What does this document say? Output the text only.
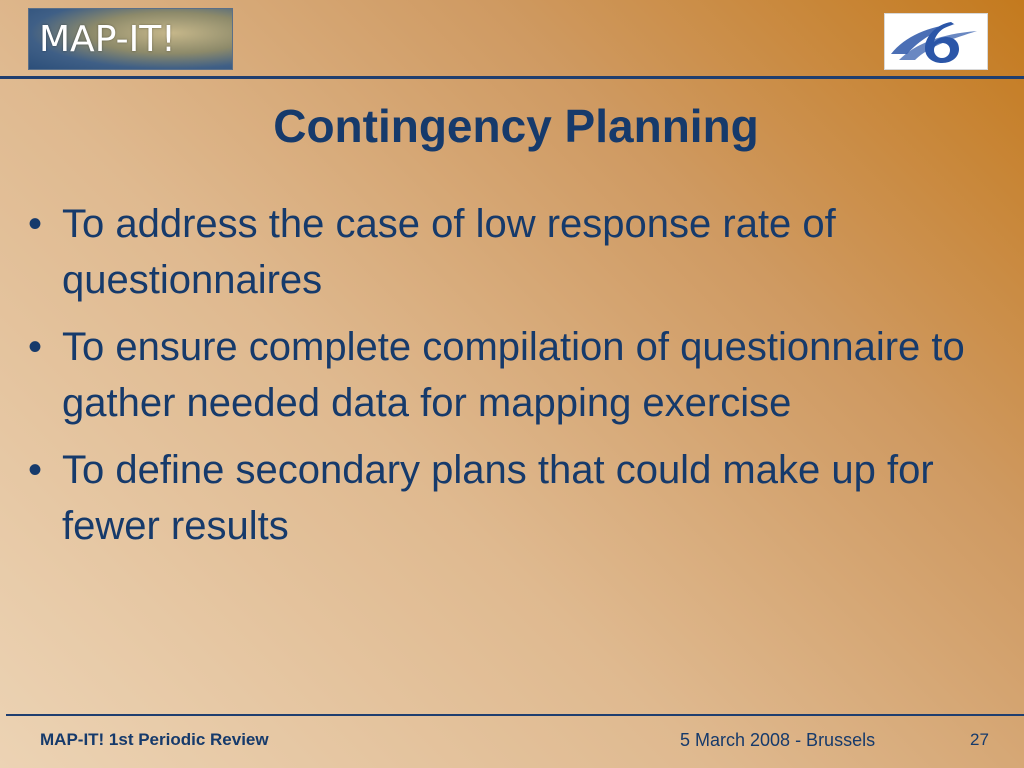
MAP-IT!
Contingency Planning
• To address the case of low response rate of questionnaires
• To ensure complete compilation of questionnaire to gather needed data for mapping exercise
• To define secondary plans that could make up for fewer results
MAP-IT! 1st Periodic Review	5 March 2008 - Brussels	27
